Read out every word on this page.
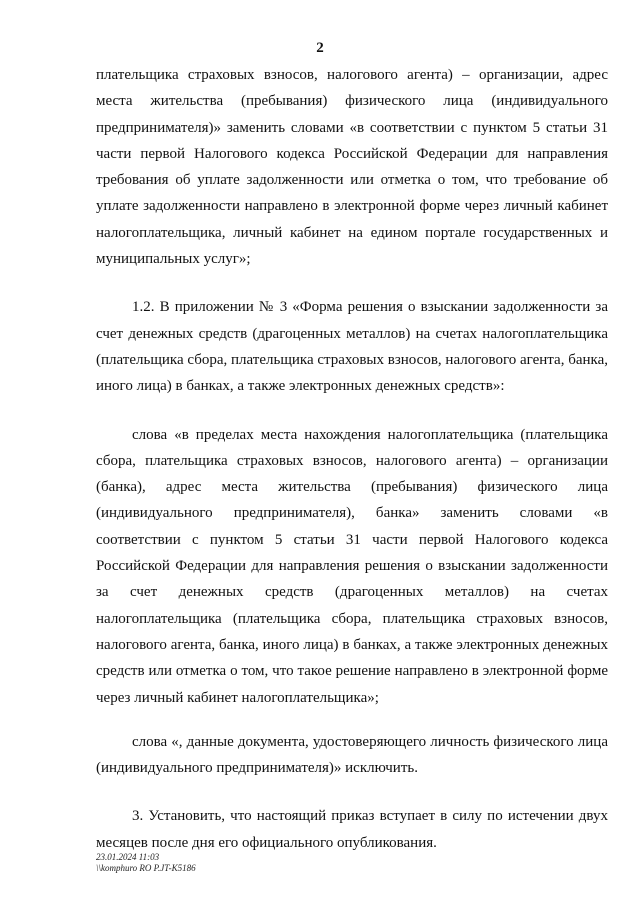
2

плательщика страховых взносов, налогового агента) – организации, адрес места жительства (пребывания) физического лица (индивидуального предпринимателя)» заменить словами «в соответствии с пунктом 5 статьи 31 части первой Налогового кодекса Российской Федерации для направления требования об уплате задолженности или отметка о том, что требование об уплате задолженности направлено в электронной форме через личный кабинет налогоплательщика, личный кабинет на едином портале государственных и муниципальных услуг»;

1.2. В приложении № 3 «Форма решения о взыскании задолженности за счет денежных средств (драгоценных металлов) на счетах налогоплательщика (плательщика сбора, плательщика страховых взносов, налогового агента, банка, иного лица) в банках, а также электронных денежных средств»:

слова «в пределах места нахождения налогоплательщика (плательщика сбора, плательщика страховых взносов, налогового агента) – организации (банка), адрес места жительства (пребывания) физического лица (индивидуального предпринимателя), банка» заменить словами «в соответствии с пунктом 5 статьи 31 части первой Налогового кодекса Российской Федерации для направления решения о взыскании задолженности за счет денежных средств (драгоценных металлов) на счетах налогоплательщика (плательщика сбора, плательщика страховых взносов, налогового агента, банка, иного лица) в банках, а также электронных денежных средств или отметка о том, что такое решение направлено в электронной форме через личный кабинет налогоплательщика»;

слова «, данные документа, удостоверяющего личность физического лица (индивидуального предпринимателя)» исключить.

3. Установить, что настоящий приказ вступает в силу по истечении двух месяцев после дня его официального опубликования.

23.01.2024 11:03
\\komphuro RO P.JT-K5186
